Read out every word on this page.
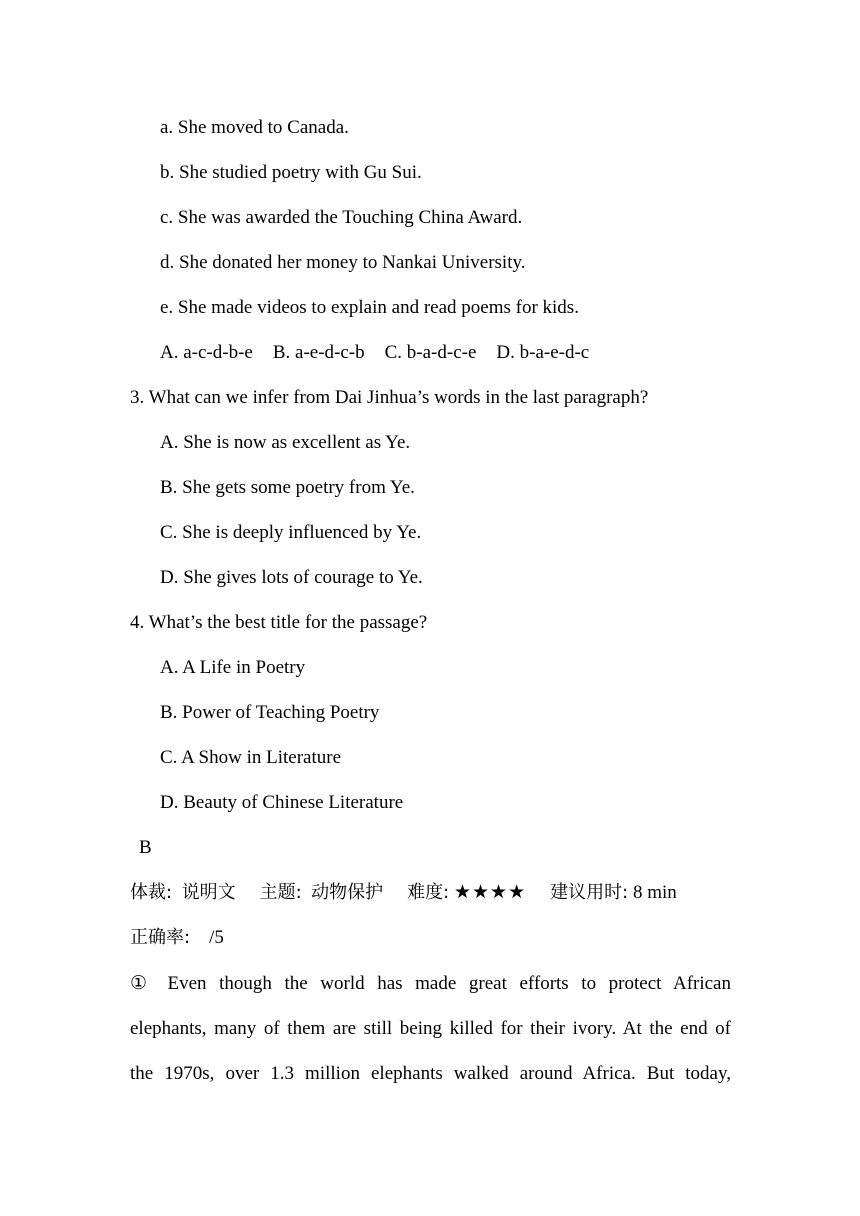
a. She moved to Canada.
b. She studied poetry with Gu Sui.
c. She was awarded the Touching China Award.
d. She donated her money to Nankai University.
e. She made videos to explain and read poems for kids.
A. a-c-d-b-e B. a-e-d-c-b C. b-a-d-c-e D. b-a-e-d-c
3. What can we infer from Dai Jinhua’s words in the last paragraph?
A. She is now as excellent as Ye.
B. She gets some poetry from Ye.
C. She is deeply influenced by Ye.
D. She gives lots of courage to Ye.
4. What’s the best title for the passage?
A. A Life in Poetry
B. Power of Teaching Poetry
C. A Show in Literature
D. Beauty of Chinese Literature
B
体裁: 说明文 主题: 动物保护 难度: ★★★★ 建议用时: 8 min
正确率: /5
① Even though the world has made great efforts to protect African
elephants, many of them are still being killed for their ivory. At the end of
the 1970s, over 1.3 million elephants walked around Africa. But today,
